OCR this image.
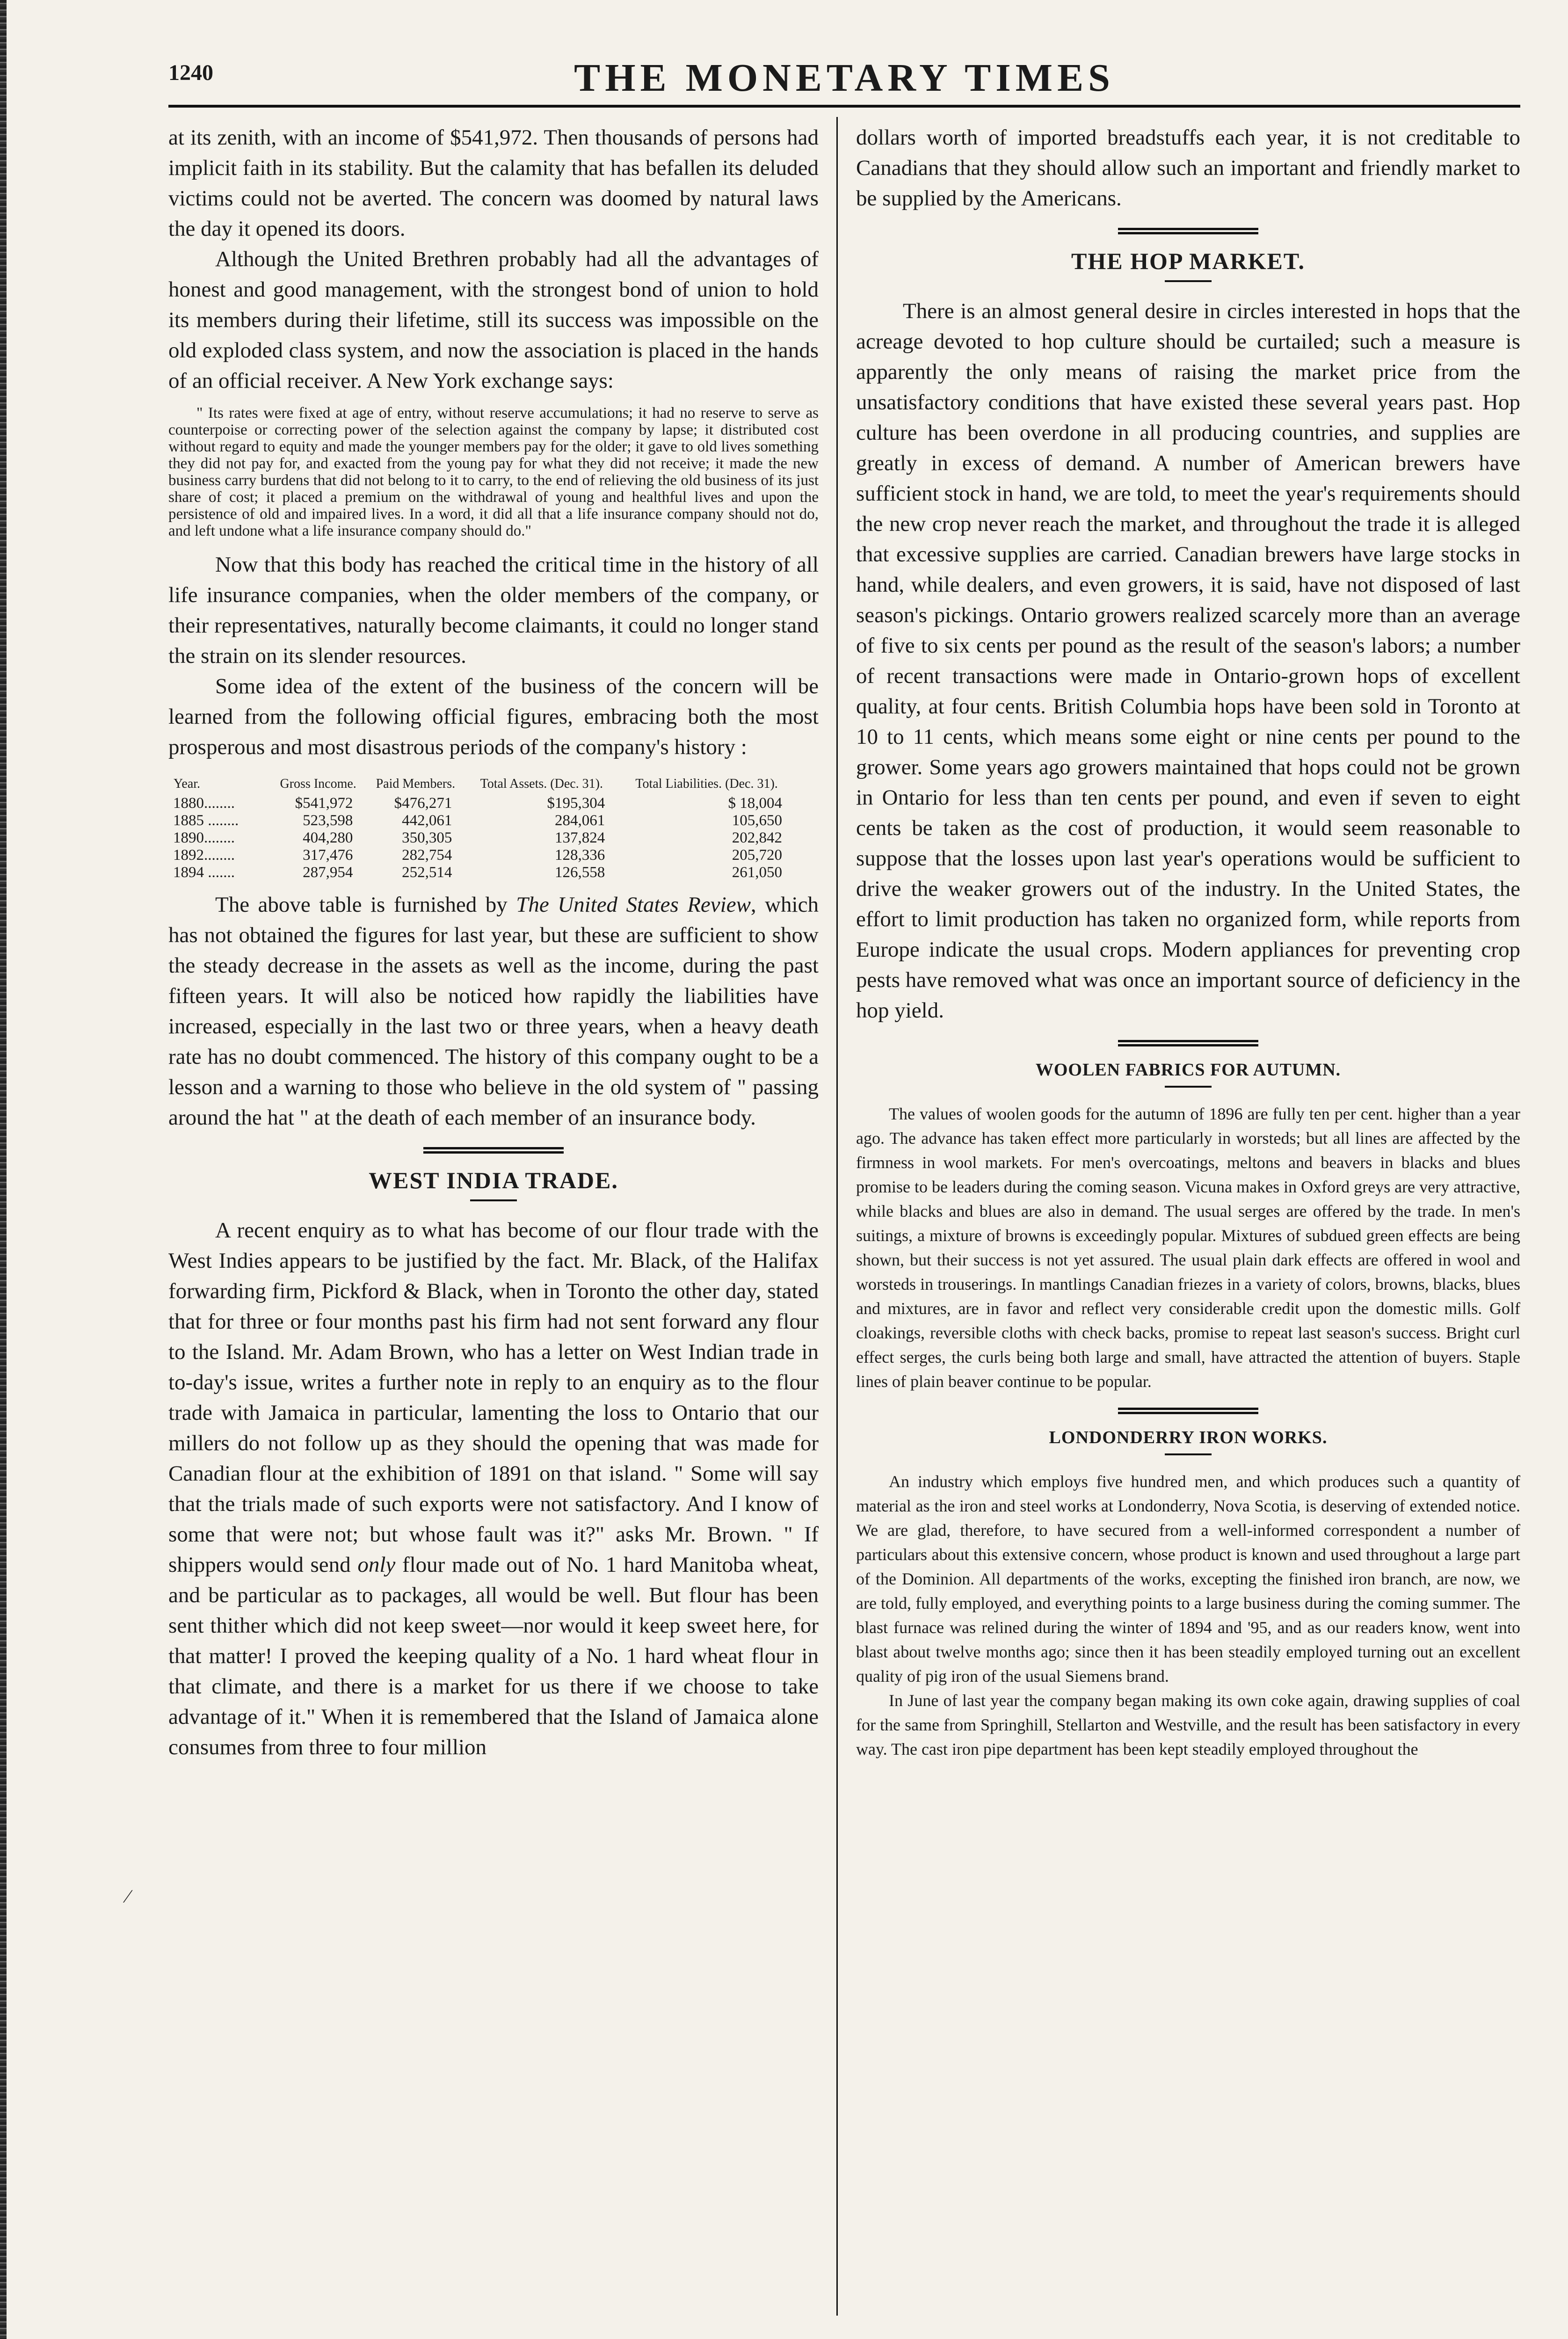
1240	THE MONETARY TIMES
⁄

at its zenith, with an income of $541,972. Then thousands of persons had implicit faith in its stability. But the calamity that has befallen its deluded victims could not be averted. The concern was doomed by natural laws the day it opened its doors.

Although the United Brethren probably had all the advantages of honest and good management, with the strongest bond of union to hold its members during their lifetime, still its success was impossible on the old exploded class system, and now the association is placed in the hands of an official receiver. A New York exchange says:

" Its rates were fixed at age of entry, without reserve accumulations; it had no reserve to serve as counterpoise or correcting power of the selection against the company by lapse; it distributed cost without regard to equity and made the younger members pay for the older; it gave to old lives something they did not pay for, and exacted from the young pay for what they did not receive; it made the new business carry burdens that did not belong to it to carry, to the end of relieving the old business of its just share of cost; it placed a premium on the withdrawal of young and healthful lives and upon the persistence of old and impaired lives. In a word, it did all that a life insurance company should not do, and left undone what a life insurance company should do."

Now that this body has reached the critical time in the history of all life insurance companies, when the older members of the company, or their representatives, naturally become claimants, it could no longer stand the strain on its slender resources.

Some idea of the extent of the business of the concern will be learned from the following official figures, embracing both the most prosperous and most disastrous periods of the company's history :

Year.	Gross Income.	Paid Members.	Total Assets. (Dec. 31).	Total Liabilities. (Dec. 31).
1880........	$541,972	$476,271	$195,304	$ 18,004
1885 ........	523,598	442,061	284,061	105,650
1890........	404,280	350,305	137,824	202,842
1892........	317,476	282,754	128,336	205,720
1894 .......	287,954	252,514	126,558	261,050

The above table is furnished by The United States Review, which has not obtained the figures for last year, but these are sufficient to show the steady decrease in the assets as well as the income, during the past fifteen years. It will also be noticed how rapidly the liabilities have increased, especially in the last two or three years, when a heavy death rate has no doubt commenced. The history of this company ought to be a lesson and a warning to those who believe in the old system of " passing around the hat " at the death of each member of an insurance body.

WEST INDIA TRADE.

A recent enquiry as to what has become of our flour trade with the West Indies appears to be justified by the fact. Mr. Black, of the Halifax forwarding firm, Pickford & Black, when in Toronto the other day, stated that for three or four months past his firm had not sent forward any flour to the Island. Mr. Adam Brown, who has a letter on West Indian trade in to-day's issue, writes a further note in reply to an enquiry as to the flour trade with Jamaica in particular, lamenting the loss to Ontario that our millers do not follow up as they should the opening that was made for Canadian flour at the exhibition of 1891 on that island. " Some will say that the trials made of such exports were not satisfactory. And I know of some that were not; but whose fault was it?" asks Mr. Brown. " If shippers would send only flour made out of No. 1 hard Manitoba wheat, and be particular as to packages, all would be well. But flour has been sent thither which did not keep sweet—nor would it keep sweet here, for that matter! I proved the keeping quality of a No. 1 hard wheat flour in that climate, and there is a market for us there if we choose to take advantage of it." When it is remembered that the Island of Jamaica alone consumes from three to four million

dollars worth of imported breadstuffs each year, it is not creditable to Canadians that they should allow such an important and friendly market to be supplied by the Americans.

THE HOP MARKET.

There is an almost general desire in circles interested in hops that the acreage devoted to hop culture should be curtailed; such a measure is apparently the only means of raising the market price from the unsatisfactory conditions that have existed these several years past. Hop culture has been overdone in all producing countries, and supplies are greatly in excess of demand. A number of American brewers have sufficient stock in hand, we are told, to meet the year's requirements should the new crop never reach the market, and throughout the trade it is alleged that excessive supplies are carried. Canadian brewers have large stocks in hand, while dealers, and even growers, it is said, have not disposed of last season's pickings. Ontario growers realized scarcely more than an average of five to six cents per pound as the result of the season's labors; a number of recent transactions were made in Ontario-grown hops of excellent quality, at four cents. British Columbia hops have been sold in Toronto at 10 to 11 cents, which means some eight or nine cents per pound to the grower. Some years ago growers maintained that hops could not be grown in Ontario for less than ten cents per pound, and even if seven to eight cents be taken as the cost of production, it would seem reasonable to suppose that the losses upon last year's operations would be sufficient to drive the weaker growers out of the industry. In the United States, the effort to limit production has taken no organized form, while reports from Europe indicate the usual crops. Modern appliances for preventing crop pests have removed what was once an important source of deficiency in the hop yield.

WOOLEN FABRICS FOR AUTUMN.

The values of woolen goods for the autumn of 1896 are fully ten per cent. higher than a year ago. The advance has taken effect more particularly in worsteds; but all lines are affected by the firmness in wool markets. For men's overcoatings, meltons and beavers in blacks and blues promise to be leaders during the coming season. Vicuna makes in Oxford greys are very attractive, while blacks and blues are also in demand. The usual serges are offered by the trade. In men's suitings, a mixture of browns is exceedingly popular. Mixtures of subdued green effects are being shown, but their success is not yet assured. The usual plain dark effects are offered in wool and worsteds in trouserings. In mantlings Canadian friezes in a variety of colors, browns, blacks, blues and mixtures, are in favor and reflect very considerable credit upon the domestic mills. Golf cloakings, reversible cloths with check backs, promise to repeat last season's success. Bright curl effect serges, the curls being both large and small, have attracted the attention of buyers. Staple lines of plain beaver continue to be popular.

LONDONDERRY IRON WORKS.

An industry which employs five hundred men, and which produces such a quantity of material as the iron and steel works at Londonderry, Nova Scotia, is deserving of extended notice. We are glad, therefore, to have secured from a well-informed correspondent a number of particulars about this extensive concern, whose product is known and used throughout a large part of the Dominion. All departments of the works, excepting the finished iron branch, are now, we are told, fully employed, and everything points to a large business during the coming summer. The blast furnace was relined during the winter of 1894 and '95, and as our readers know, went into blast about twelve months ago; since then it has been steadily employed turning out an excellent quality of pig iron of the usual Siemens brand.

In June of last year the company began making its own coke again, drawing supplies of coal for the same from Springhill, Stellarton and Westville, and the result has been satisfactory in every way. The cast iron pipe department has been kept steadily employed throughout the
